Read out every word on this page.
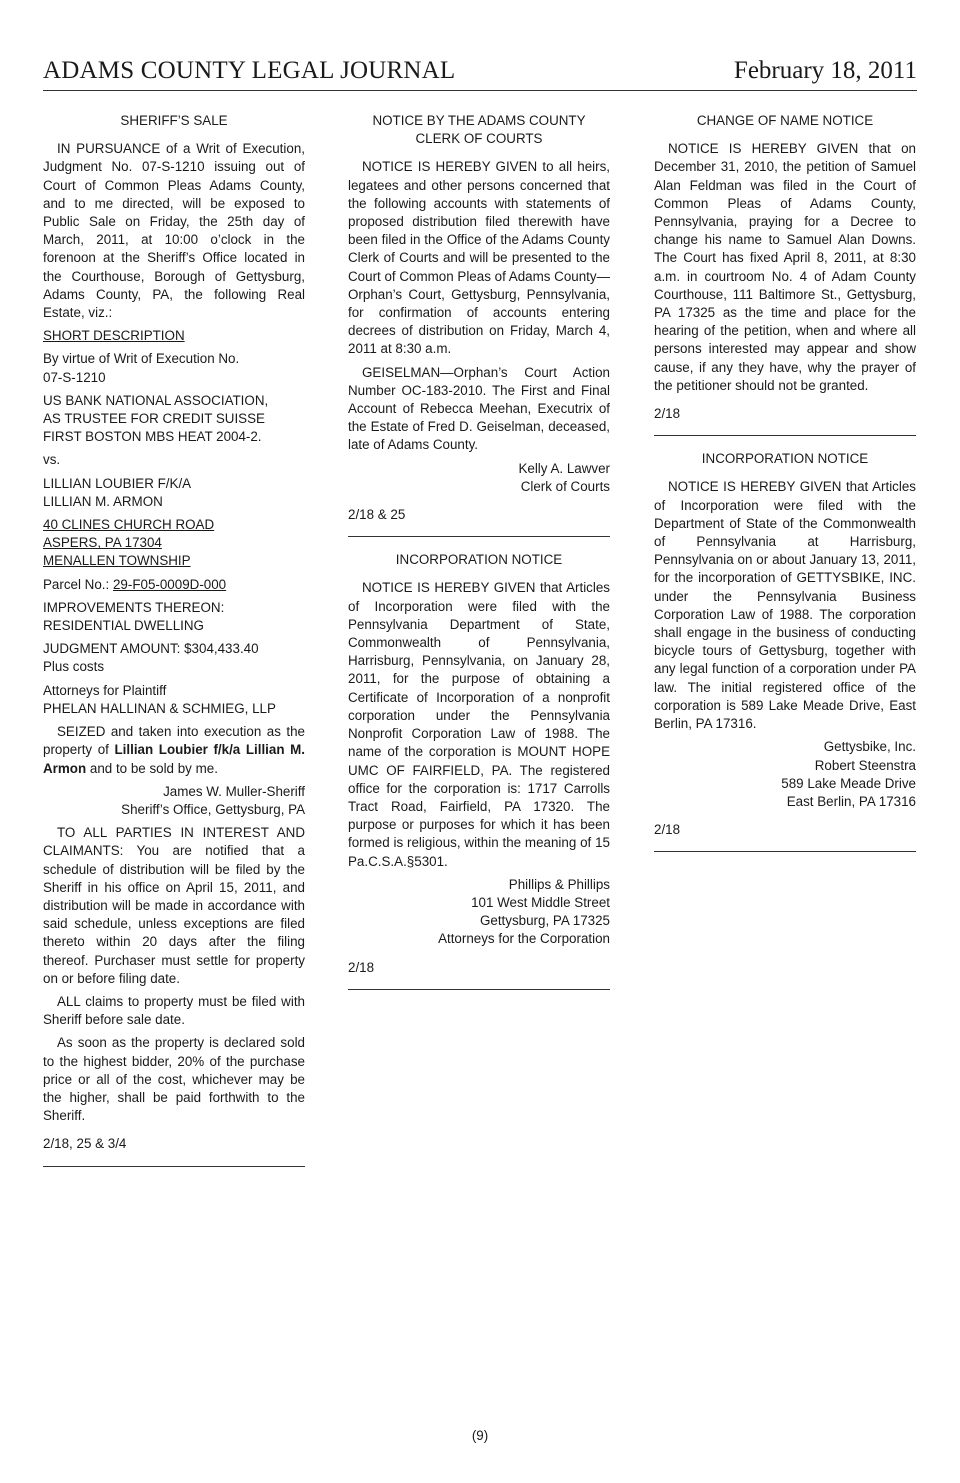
ADAMS COUNTY LEGAL JOURNAL	February 18, 2011

SHERIFF’S SALE

IN PURSUANCE of a Writ of Execution, Judgment No. 07-S-1210 issuing out of Court of Common Pleas Adams County, and to me directed, will be exposed to Public Sale on Friday, the 25th day of March, 2011, at 10:00 o’clock in the forenoon at the Sheriff’s Office located in the Courthouse, Borough of Gettysburg, Adams County, PA, the following Real Estate, viz.:

SHORT DESCRIPTION

By virtue of Writ of Execution No.
07-S-1210
US BANK NATIONAL ASSOCIATION,
AS TRUSTEE FOR CREDIT SUISSE
FIRST BOSTON MBS HEAT 2004-2.

vs.

LILLIAN LOUBIER F/K/A
LILLIAN M. ARMON
40 CLINES CHURCH ROAD
ASPERS, PA 17304
MENALLEN TOWNSHIP

Parcel No.: 29-F05-0009D-000

IMPROVEMENTS THEREON:
RESIDENTIAL DWELLING
JUDGMENT AMOUNT: $304,433.40
Plus costs
Attorneys for Plaintiff
PHELAN HALLINAN & SCHMIEG, LLP

SEIZED and taken into execution as the property of Lillian Loubier f/k/a Lillian M. Armon and to be sold by me.

James W. Muller-Sheriff
Sheriff’s Office, Gettysburg, PA

TO ALL PARTIES IN INTEREST AND CLAIMANTS: You are notified that a schedule of distribution will be filed by the Sheriff in his office on April 15, 2011, and distribution will be made in accordance with said schedule, unless exceptions are filed thereto within 20 days after the filing thereof. Purchaser must settle for property on or before filing date.

ALL claims to property must be filed with Sheriff before sale date.

As soon as the property is declared sold to the highest bidder, 20% of the purchase price or all of the cost, whichever may be the higher, shall be paid forthwith to the Sheriff.

2/18, 25 & 3/4

NOTICE BY THE ADAMS COUNTY
CLERK OF COURTS

NOTICE IS HEREBY GIVEN to all heirs, legatees and other persons concerned that the following accounts with statements of proposed distribution filed therewith have been filed in the Office of the Adams County Clerk of Courts and will be presented to the Court of Common Pleas of Adams County—Orphan’s Court, Gettysburg, Pennsylvania, for confirmation of accounts entering decrees of distribution on Friday, March 4, 2011 at 8:30 a.m.

GEISELMAN—Orphan’s Court Action Number OC-183-2010. The First and Final Account of Rebecca Meehan, Executrix of the Estate of Fred D. Geiselman, deceased, late of Adams County.

Kelly A. Lawver
Clerk of Courts

2/18 & 25

INCORPORATION NOTICE

NOTICE IS HEREBY GIVEN that Articles of Incorporation were filed with the Pennsylvania Department of State, Commonwealth of Pennsylvania, Harrisburg, Pennsylvania, on January 28, 2011, for the purpose of obtaining a Certificate of Incorporation of a nonprofit corporation under the Pennsylvania Nonprofit Corporation Law of 1988. The name of the corporation is MOUNT HOPE UMC OF FAIRFIELD, PA. The registered office for the corporation is: 1717 Carrolls Tract Road, Fairfield, PA 17320. The purpose or purposes for which it has been formed is religious, within the meaning of 15 Pa.C.S.A.§5301.

Phillips & Phillips
101 West Middle Street
Gettysburg, PA 17325
Attorneys for the Corporation

2/18

CHANGE OF NAME NOTICE

NOTICE IS HEREBY GIVEN that on December 31, 2010, the petition of Samuel Alan Feldman was filed in the Court of Common Pleas of Adams County, Pennsylvania, praying for a Decree to change his name to Samuel Alan Downs. The Court has fixed April 8, 2011, at 8:30 a.m. in courtroom No. 4 of Adam County Courthouse, 111 Baltimore St., Gettysburg, PA 17325 as the time and place for the hearing of the petition, when and where all persons interested may appear and show cause, if any they have, why the prayer of the petitioner should not be granted.

2/18

INCORPORATION NOTICE

NOTICE IS HEREBY GIVEN that Articles of Incorporation were filed with the Department of State of the Commonwealth of Pennsylvania at Harrisburg, Pennsylvania on or about January 13, 2011, for the incorporation of GETTYSBIKE, INC. under the Pennsylvania Business Corporation Law of 1988. The corporation shall engage in the business of conducting bicycle tours of Gettysburg, together with any legal function of a corporation under PA law. The initial registered office of the corporation is 589 Lake Meade Drive, East Berlin, PA 17316.

Gettysbike, Inc.
Robert Steenstra
589 Lake Meade Drive
East Berlin, PA 17316

2/18

(9)
